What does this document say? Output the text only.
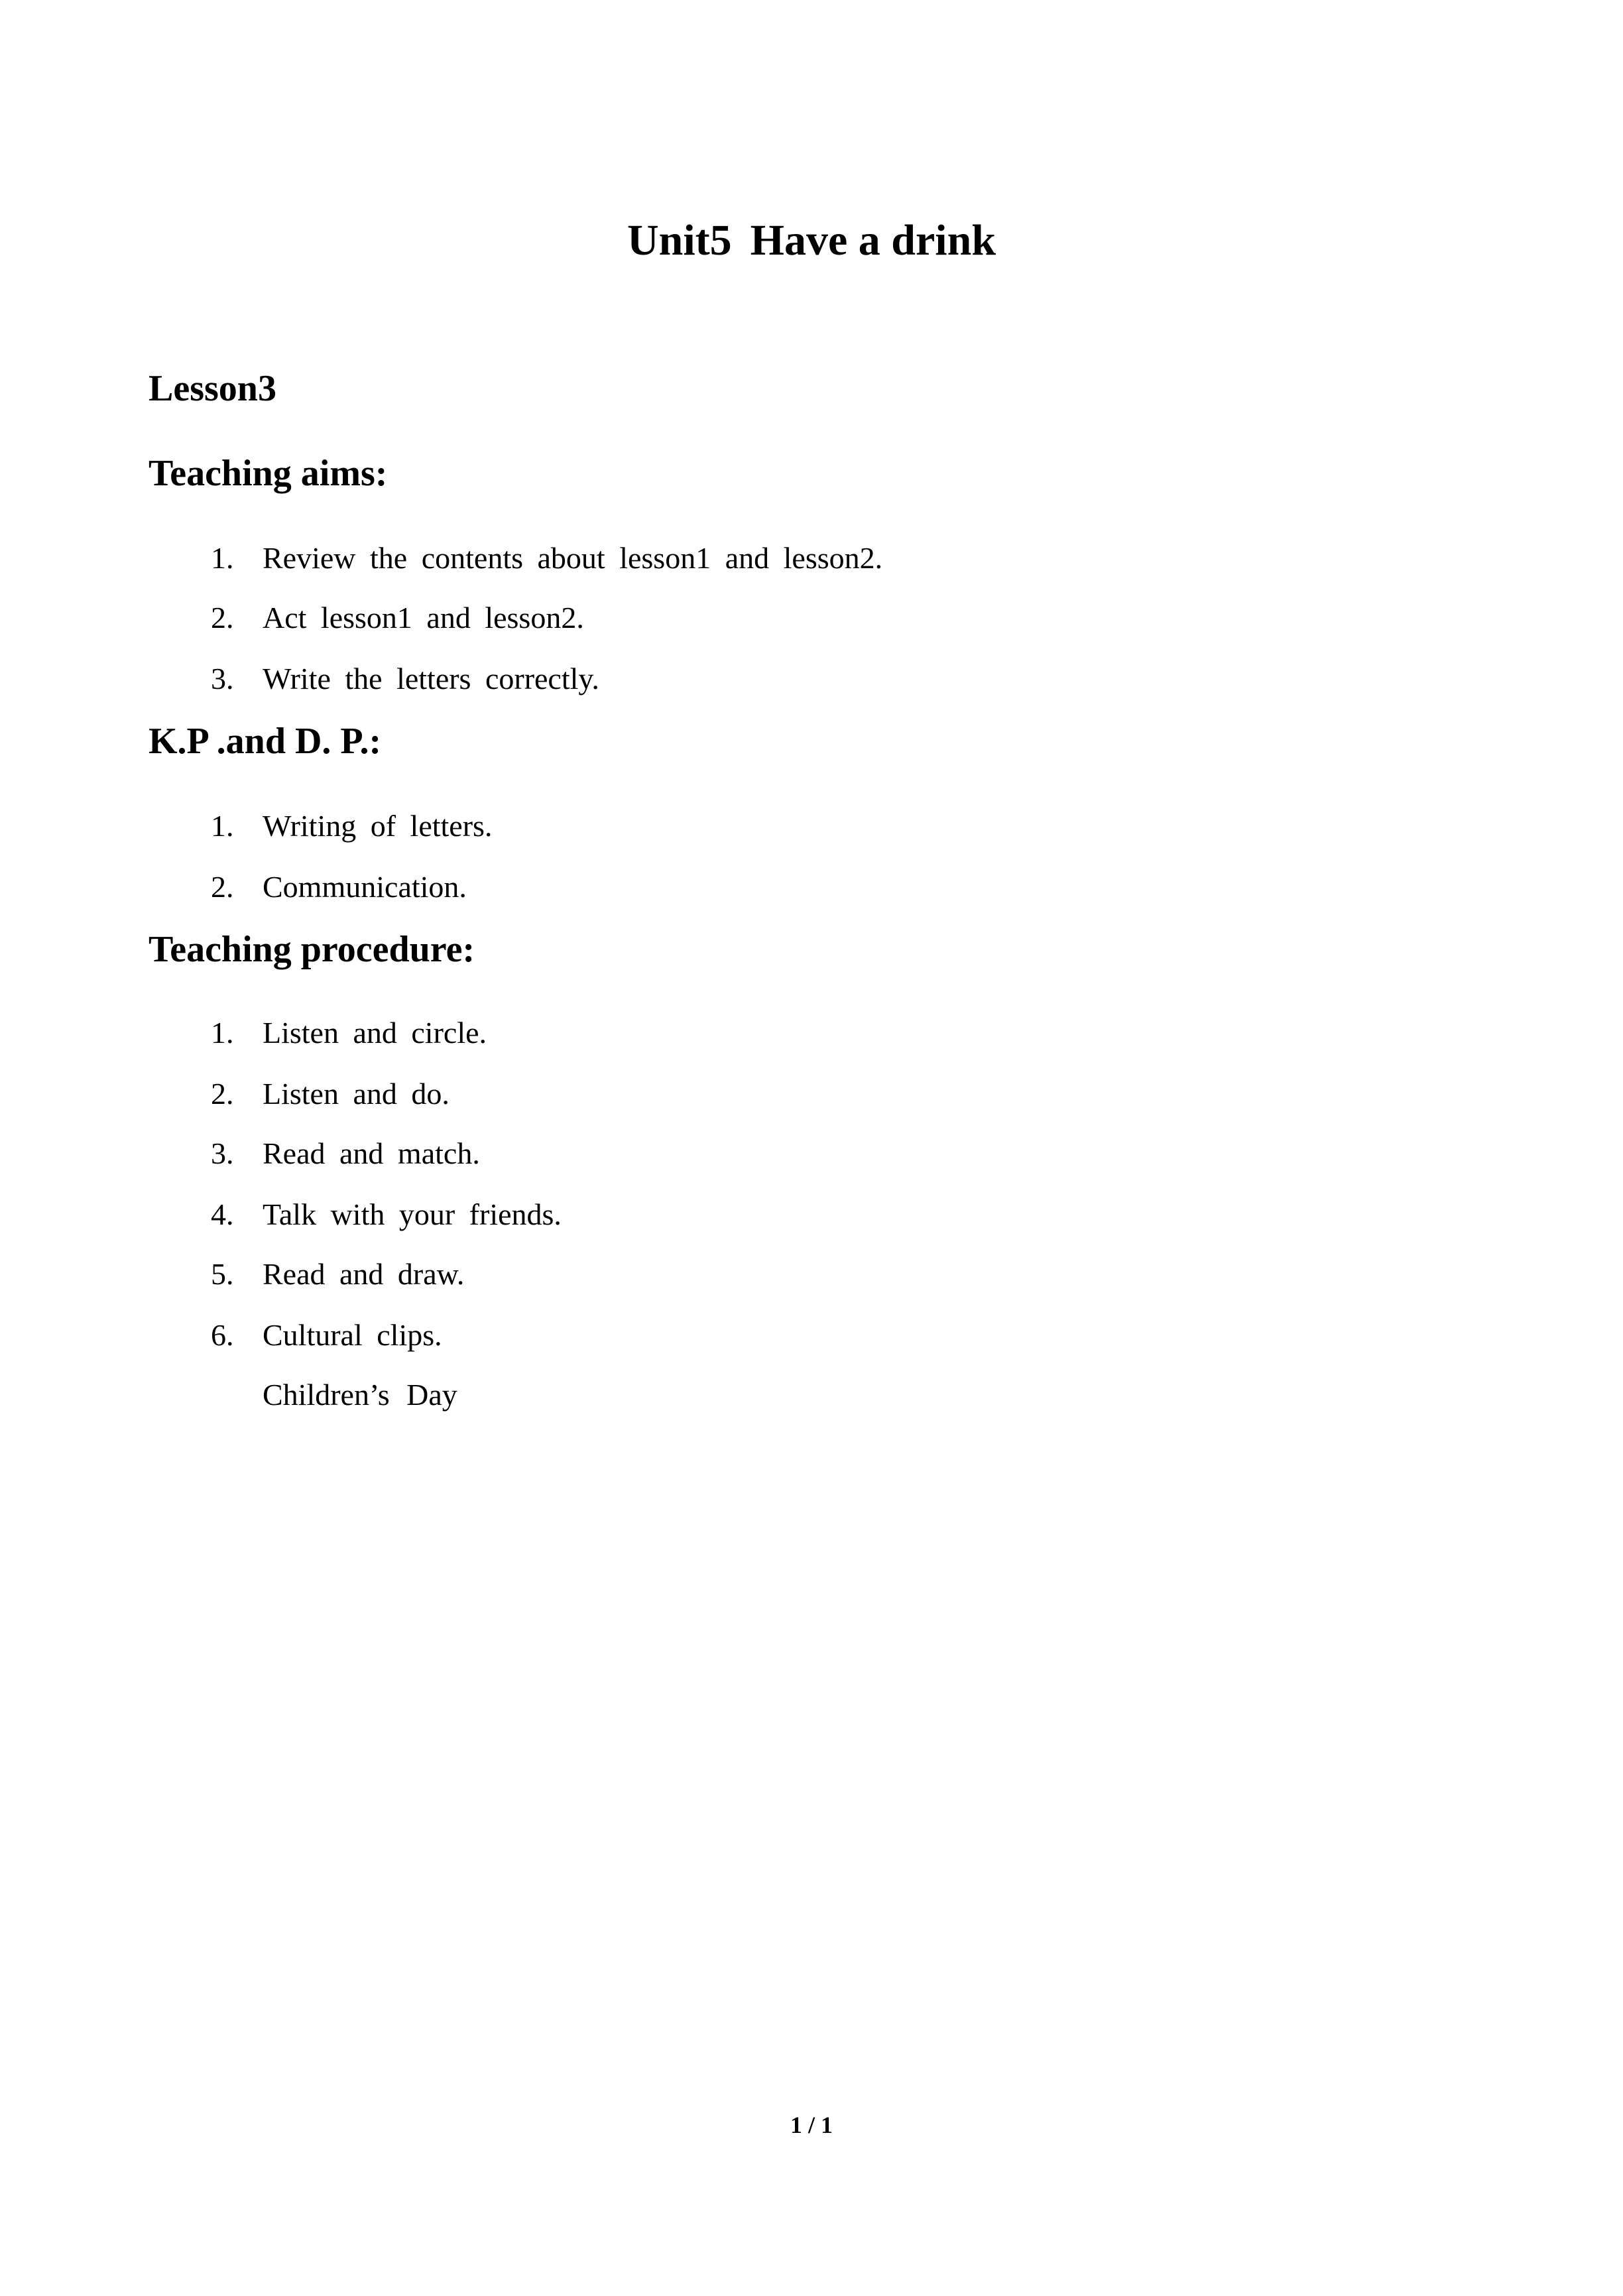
Unit5 Have a drink
Lesson3
Teaching aims:
1. Review the contents about lesson1 and lesson2.
2. Act lesson1 and lesson2.
3. Write the letters correctly.
K.P .and D. P.:
1. Writing of letters.
2. Communication.
Teaching procedure:
1. Listen and circle.
2. Listen and do.
3. Read and match.
4. Talk with your friends.
5. Read and draw.
6. Cultural clips.
Children’s Day
1 / 1
